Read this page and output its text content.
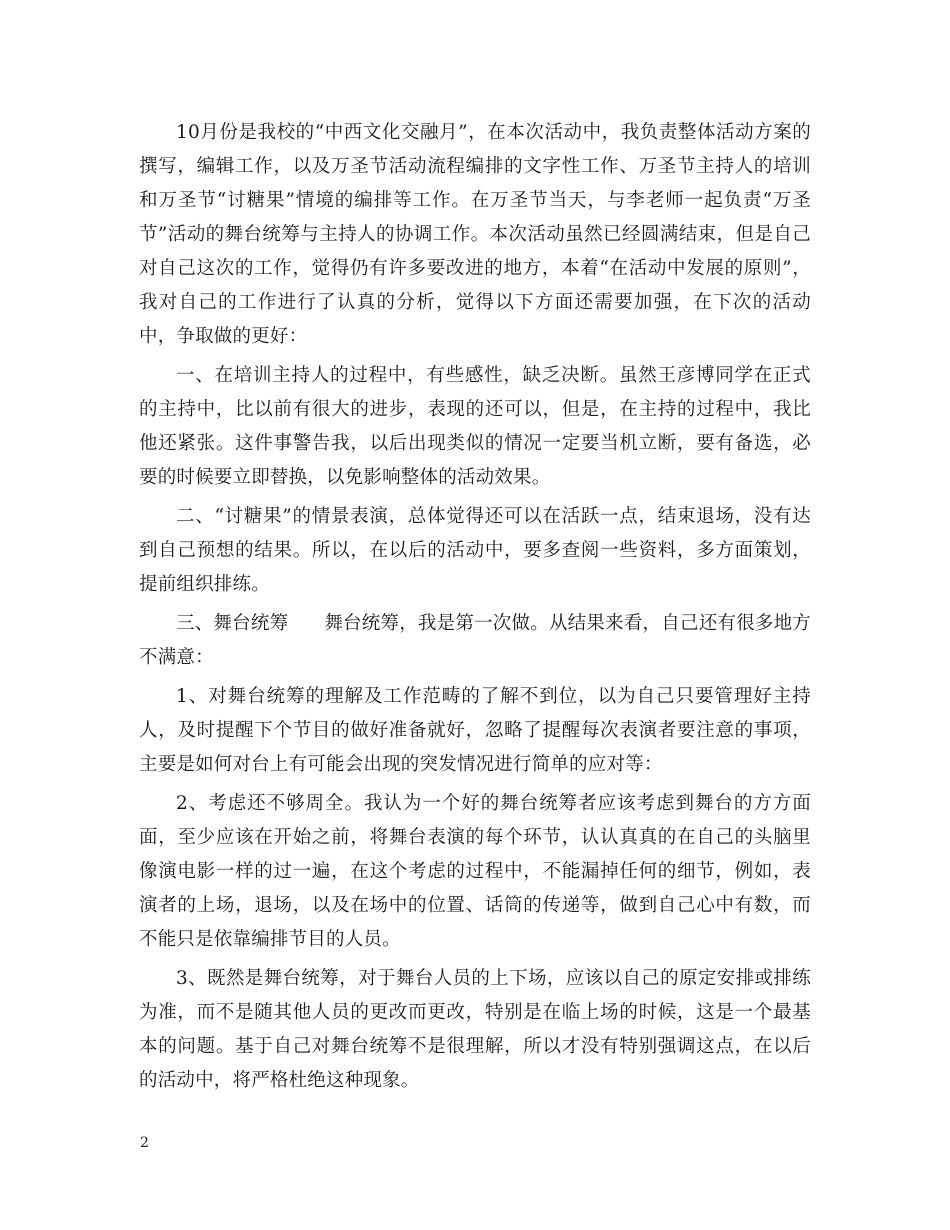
10月份是我校的“中西文化交融月”，在本次活动中，我负责整体活动方案的撰写，编辑工作，以及万圣节活动流程编排的文字性工作、万圣节主持人的培训和万圣节“讨糖果”情境的编排等工作。在万圣节当天，与李老师一起负责“万圣节”活动的舞台统筹与主持人的协调工作。本次活动虽然已经圆满结束，但是自己对自己这次的工作，觉得仍有许多要改进的地方，本着“在活动中发展的原则”，我对自己的工作进行了认真的分析，觉得以下方面还需要加强，在下次的活动中，争取做的更好：

一、在培训主持人的过程中，有些感性，缺乏决断。虽然王彦博同学在正式的主持中，比以前有很大的进步，表现的还可以，但是，在主持的过程中，我比他还紧张。这件事警告我，以后出现类似的情况一定要当机立断，要有备选，必要的时候要立即替换，以免影响整体的活动效果。

二、“讨糖果”的情景表演，总体觉得还可以在活跃一点，结束退场，没有达到自己预想的结果。所以，在以后的活动中，要多查阅一些资料，多方面策划，提前组织排练。

三、舞台统筹 舞台统筹，我是第一次做。从结果来看，自己还有很多地方不满意：

1、对舞台统筹的理解及工作范畴的了解不到位，以为自己只要管理好主持人，及时提醒下个节目的做好准备就好，忽略了提醒每次表演者要注意的事项，主要是如何对台上有可能会出现的突发情况进行简单的应对等：

2、考虑还不够周全。我认为一个好的舞台统筹者应该考虑到舞台的方方面面，至少应该在开始之前，将舞台表演的每个环节，认认真真的在自己的头脑里像演电影一样的过一遍，在这个考虑的过程中，不能漏掉任何的细节，例如，表演者的上场，退场，以及在场中的位置、话筒的传递等，做到自己心中有数，而不能只是依靠编排节目的人员。

3、既然是舞台统筹，对于舞台人员的上下场，应该以自己的原定安排或排练为准，而不是随其他人员的更改而更改，特别是在临上场的时候，这是一个最基本的问题。基于自己对舞台统筹不是很理解，所以才没有特别强调这点，在以后的活动中，将严格杜绝这种现象。

2
